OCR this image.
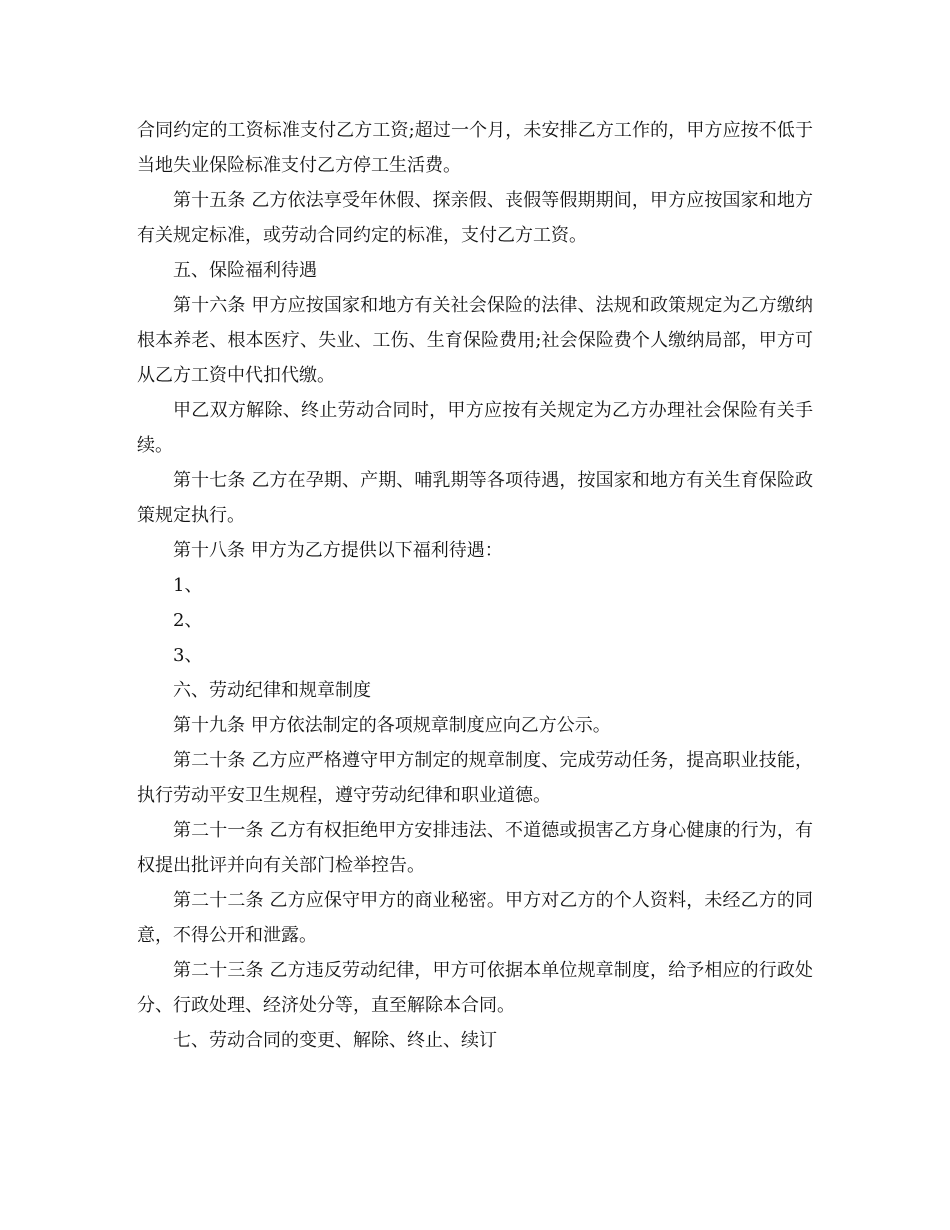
合同约定的工资标准支付乙方工资;超过一个月，未安排乙方工作的，甲方应按不低于当地失业保险标准支付乙方停工生活费。

第十五条 乙方依法享受年休假、探亲假、丧假等假期期间，甲方应按国家和地方有关规定标准，或劳动合同约定的标准，支付乙方工资。

五、保险福利待遇

第十六条 甲方应按国家和地方有关社会保险的法律、法规和政策规定为乙方缴纳根本养老、根本医疗、失业、工伤、生育保险费用;社会保险费个人缴纳局部，甲方可从乙方工资中代扣代缴。

甲乙双方解除、终止劳动合同时，甲方应按有关规定为乙方办理社会保险有关手续。

第十七条 乙方在孕期、产期、哺乳期等各项待遇，按国家和地方有关生育保险政策规定执行。

第十八条 甲方为乙方提供以下福利待遇：

1、

2、

3、

六、劳动纪律和规章制度

第十九条 甲方依法制定的各项规章制度应向乙方公示。

第二十条 乙方应严格遵守甲方制定的规章制度、完成劳动任务，提高职业技能，执行劳动平安卫生规程，遵守劳动纪律和职业道德。

第二十一条 乙方有权拒绝甲方安排违法、不道德或损害乙方身心健康的行为，有权提出批评并向有关部门检举控告。

第二十二条 乙方应保守甲方的商业秘密。甲方对乙方的个人资料，未经乙方的同意，不得公开和泄露。

第二十三条 乙方违反劳动纪律，甲方可依据本单位规章制度，给予相应的行政处分、行政处理、经济处分等，直至解除本合同。

七、劳动合同的变更、解除、终止、续订
